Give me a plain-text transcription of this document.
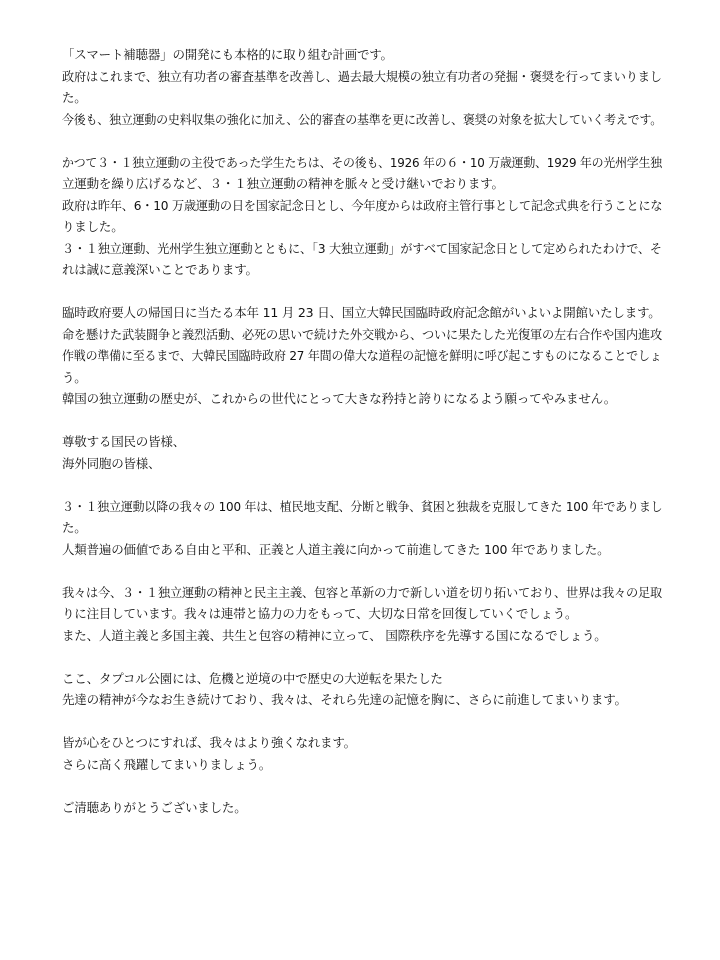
「スマート補聴器」の開発にも本格的に取り組む計画です。
政府はこれまで、独立有功者の審査基準を改善し、過去最大規模の独立有功者の発掘・褒奨を行ってまいりまし
た。
今後も、独立運動の史料収集の強化に加え、公的審査の基準を更に改善し、褒奨の対象を拡大していく考えです。
かつて３・１独立運動の主役であった学生たちは、その後も、1926 年の６・10 万歳運動、1929 年の光州学生独
立運動を繰り広げるなど、３・１独立運動の精神を脈々と受け継いでおります。
政府は昨年、6・10 万歳運動の日を国家記念日とし、今年度からは政府主管行事として記念式典を行うことにな
りました。
３・１独立運動、光州学生独立運動とともに、「3 大独立運動」がすべて国家記念日として定められたわけで、そ
れは誠に意義深いことであります。
臨時政府要人の帰国日に当たる本年 11 月 23 日、国立大韓民国臨時政府記念館がいよいよ開館いたします。
命を懸けた武装闘争と義烈活動、必死の思いで続けた外交戦から、ついに果たした光復軍の左右合作や国内進攻
作戦の準備に至るまで、大韓民国臨時政府 27 年間の偉大な道程の記憶を鮮明に呼び起こすものになることでしょ
う。
韓国の独立運動の歴史が、これからの世代にとって大きな矜持と誇りになるよう願ってやみません。
尊敬する国民の皆様、
海外同胞の皆様、
３・１独立運動以降の我々の 100 年は、植民地支配、分断と戦争、貧困と独裁を克服してきた 100 年でありまし
た。
人類普遍の価値である自由と平和、正義と人道主義に向かって前進してきた 100 年でありました。
我々は今、３・１独立運動の精神と民主主義、包容と革新の力で新しい道を切り拓いており、世界は我々の足取
りに注目しています。我々は連帯と協力の力をもって、大切な日常を回復していくでしょう。
また、人道主義と多国主義、共生と包容の精神に立って、 国際秩序を先導する国になるでしょう。
ここ、タプコル公園には、危機と逆境の中で歴史の大逆転を果たした
先達の精神が今なお生き続けており、我々は、それら先達の記憶を胸に、さらに前進してまいります。
皆が心をひとつにすれば、我々はより強くなれます。
さらに高く飛躍してまいりましょう。
ご清聴ありがとうございました。
